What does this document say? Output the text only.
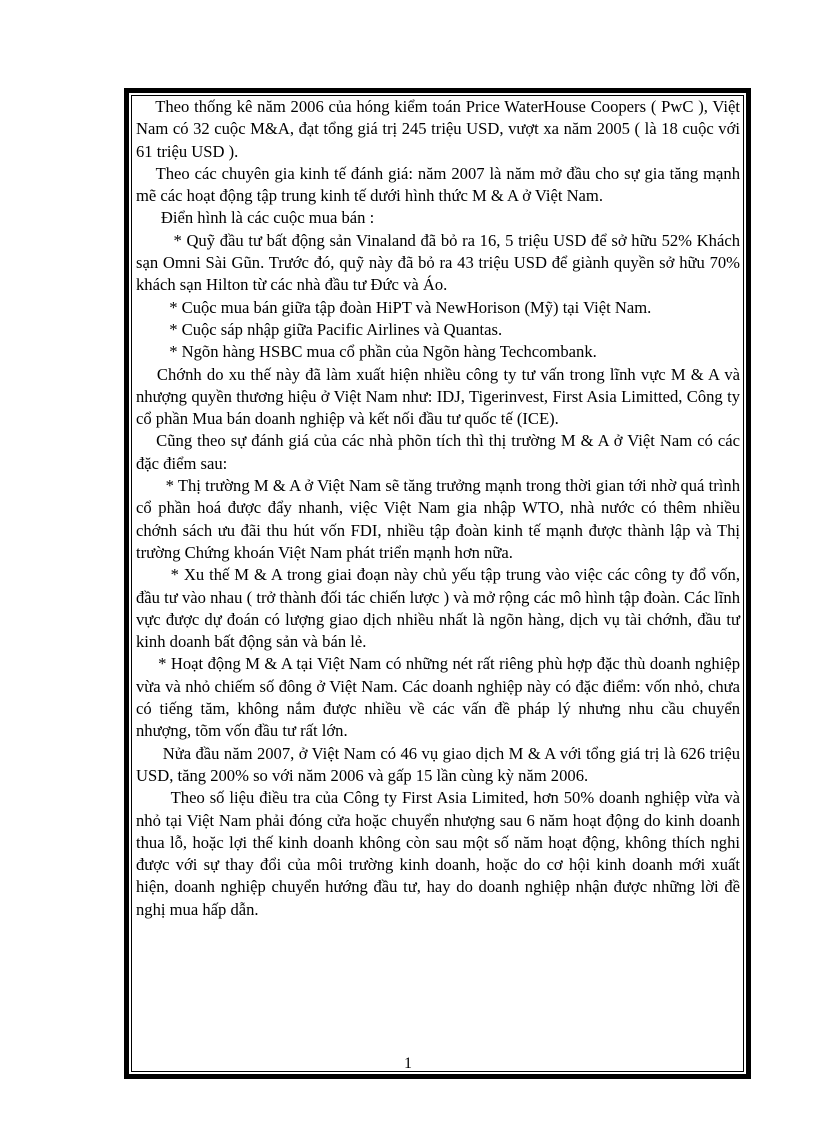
Theo thống kê năm 2006 của hóng kiểm toán Price WaterHouse Coopers ( PwC ), Việt Nam có 32 cuộc M&A, đạt tổng giá trị 245 triệu USD, vượt xa năm 2005 ( là 18 cuộc với 61 triệu USD ).

Theo các chuyên gia kinh tế đánh giá: năm 2007 là năm mở đầu cho sự gia tăng mạnh mẽ các hoạt động tập trung kinh tế dưới hình thức M & A ở Việt Nam.

Điển hình là các cuộc mua bán :

* Quỹ đầu tư bất động sản Vinaland đã bỏ ra 16, 5 triệu USD để sở hữu 52% Khách sạn Omni Sài Gũn. Trước đó, quỹ này đã bỏ ra 43 triệu USD để giành quyền sở hữu 70% khách sạn Hilton từ các nhà đầu tư Đức và Áo.

* Cuộc mua bán giữa tập đoàn HiPT và NewHorison (Mỹ) tại Việt Nam.

* Cuộc sáp nhập giữa Pacific Airlines và Quantas.

* Ngõn hàng HSBC mua cổ phần của Ngõn hàng Techcombank.

Chớnh do xu thế này đã làm xuất hiện nhiều công ty tư vấn trong lĩnh vực M & A và nhượng quyền thương hiệu ở Việt Nam như: IDJ, Tigerinvest, First Asia Limitted, Công ty cổ phần Mua bán doanh nghiệp và kết nối đầu tư quốc tế (ICE).

Cũng theo sự đánh giá của các nhà phõn tích thì thị trường M & A ở Việt Nam có các đặc điểm sau:

* Thị trường M & A ở Việt Nam sẽ tăng trưởng mạnh trong thời gian tới nhờ quá trình cổ phần hoá được đẩy nhanh, việc Việt Nam gia nhập WTO, nhà nước có thêm nhiều chớnh sách ưu đãi thu hút vốn FDI, nhiều tập đoàn kinh tế mạnh được thành lập và Thị trường Chứng khoán Việt Nam phát triển mạnh hơn nữa.

* Xu thế M & A trong giai đoạn này chủ yếu tập trung vào việc các công ty đổ vốn, đầu tư vào nhau ( trở thành đối tác chiến lược ) và mở rộng các mô hình tập đoàn. Các lĩnh vực được dự đoán có lượng giao dịch nhiều nhất là ngõn hàng, dịch vụ tài chớnh, đầu tư kinh doanh bất động sản và bán lẻ.

* Hoạt động M & A tại Việt Nam có những nét rất riêng phù hợp đặc thù doanh nghiệp vừa và nhỏ chiếm số đông ở Việt Nam. Các doanh nghiệp này có đặc điểm: vốn nhỏ, chưa có tiếng tăm, không nắm được nhiều về các vấn đề pháp lý nhưng nhu cầu chuyển nhượng, tõm vốn đầu tư rất lớn.

Nửa đầu năm 2007, ở Việt Nam có 46 vụ giao dịch M & A với tổng giá trị là 626 triệu USD, tăng 200% so với năm 2006 và gấp 15 lần cùng kỳ năm 2006.

Theo số liệu điều tra của Công ty First Asia Limited, hơn 50% doanh nghiệp vừa và nhỏ tại Việt Nam phải đóng cửa hoặc chuyển nhượng sau 6 năm hoạt động do kinh doanh thua lỗ, hoặc lợi thế kinh doanh không còn sau một số năm hoạt động, không thích nghi được với sự thay đổi của môi trường kinh doanh, hoặc do cơ hội kinh doanh mới xuất hiện, doanh nghiệp chuyển hướng đầu tư, hay do doanh nghiệp nhận được những lời đề nghị mua hấp dẫn.

1
